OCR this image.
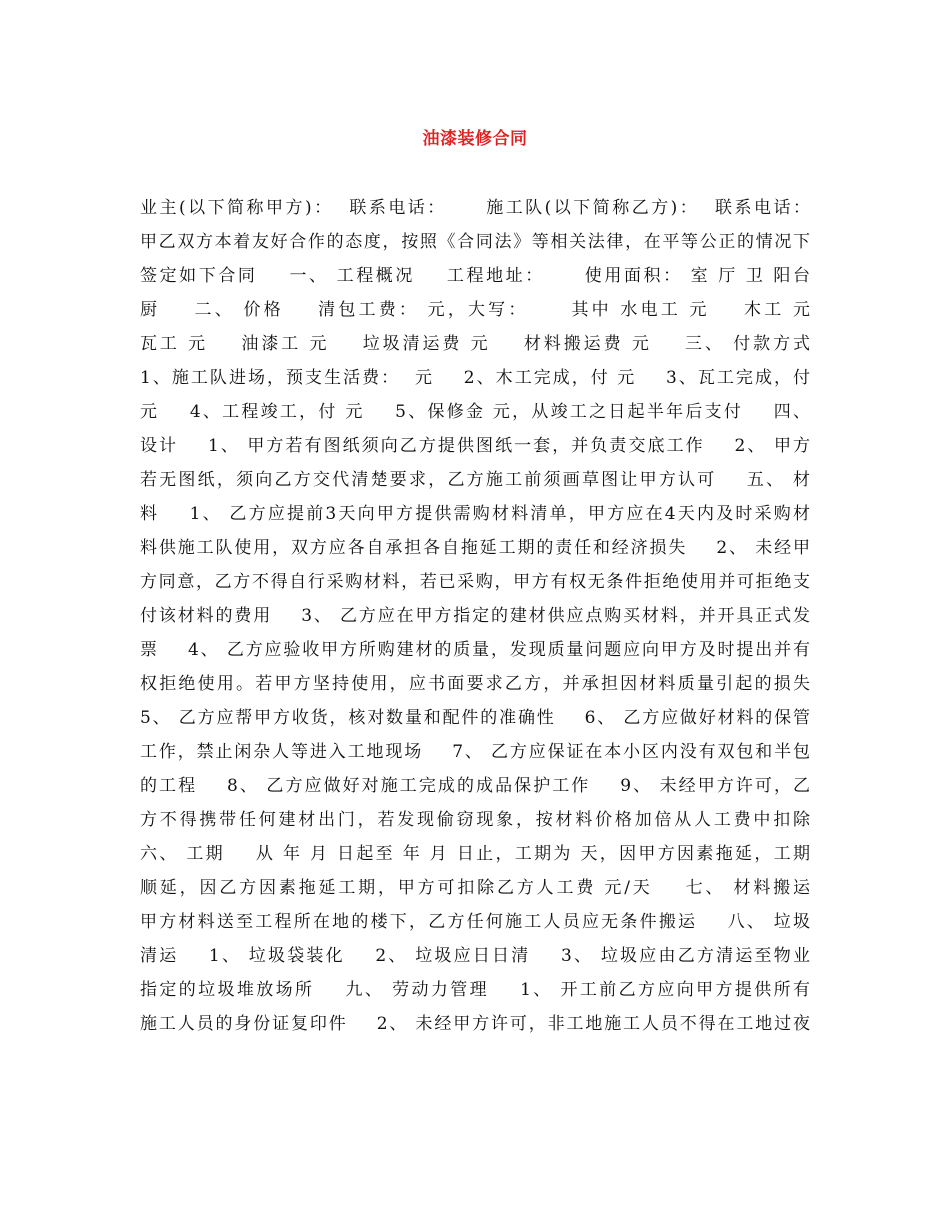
油漆装修合同
业主(以下简称甲方)：  联系电话：     施工队(以下简称乙方)：  联系电话：
甲乙双方本着友好合作的态度，按照《合同法》等相关法律，在平等公正的情况下
签定如下合同    一、 工程概况    工程地址：     使用面积： 室 厅 卫 阳台
厨    二、 价格    清包工费： 元，大写：     其中 水电工 元    木工 元
瓦工 元    油漆工 元    垃圾清运费 元    材料搬运费 元    三、 付款方式
1、施工队进场，预支生活费：  元    2、木工完成，付 元    3、瓦工完成，付
元    4、工程竣工，付 元    5、保修金 元，从竣工之日起半年后支付    四、
设计    1、 甲方若有图纸须向乙方提供图纸一套，并负责交底工作    2、 甲方
若无图纸，须向乙方交代清楚要求，乙方施工前须画草图让甲方认可    五、 材
料    1、 乙方应提前3天向甲方提供需购材料清单，甲方应在4天内及时采购材
料供施工队使用，双方应各自承担各自拖延工期的责任和经济损失    2、 未经甲
方同意，乙方不得自行采购材料，若已采购，甲方有权无条件拒绝使用并可拒绝支
付该材料的费用    3、 乙方应在甲方指定的建材供应点购买材料，并开具正式发
票    4、 乙方应验收甲方所购建材的质量，发现质量问题应向甲方及时提出并有
权拒绝使用。若甲方坚持使用，应书面要求乙方，并承担因材料质量引起的损失
5、 乙方应帮甲方收货，核对数量和配件的准确性    6、 乙方应做好材料的保管
工作，禁止闲杂人等进入工地现场    7、 乙方应保证在本小区内没有双包和半包
的工程    8、 乙方应做好对施工完成的成品保护工作    9、 未经甲方许可，乙
方不得携带任何建材出门，若发现偷窃现象，按材料价格加倍从人工费中扣除
六、 工期    从 年 月 日起至 年 月 日止，工期为 天，因甲方因素拖延，工期
顺延，因乙方因素拖延工期，甲方可扣除乙方人工费 元/天    七、 材料搬运
甲方材料送至工程所在地的楼下，乙方任何施工人员应无条件搬运    八、 垃圾
清运    1、 垃圾袋装化    2、 垃圾应日日清    3、 垃圾应由乙方清运至物业
指定的垃圾堆放场所    九、 劳动力管理    1、 开工前乙方应向甲方提供所有
施工人员的身份证复印件    2、 未经甲方许可，非工地施工人员不得在工地过夜
